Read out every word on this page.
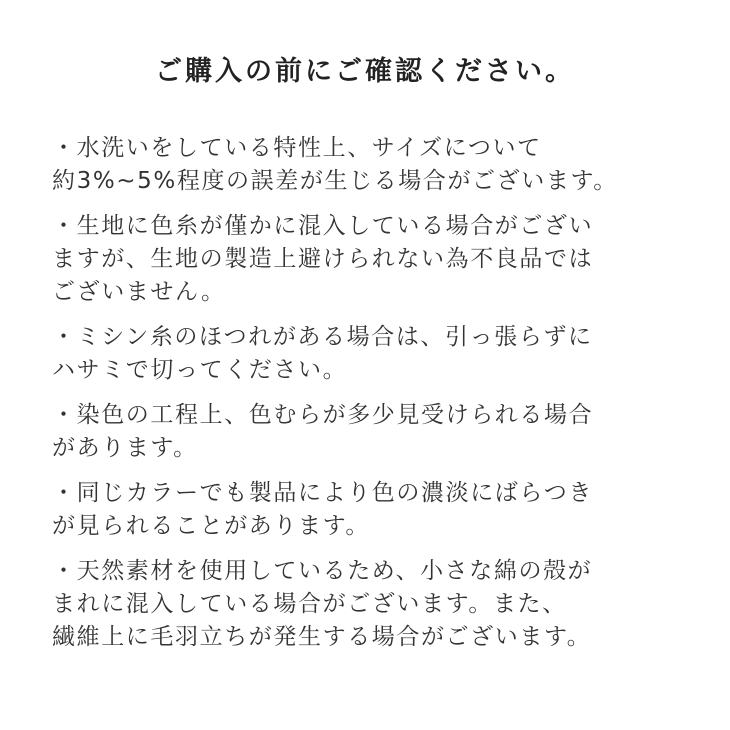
ご購入の前にご確認ください。
・水洗いをしている特性上、サイズについて
約3%~5%程度の誤差が生じる場合がございます。
・生地に色糸が僅かに混入している場合がござい
ますが、生地の製造上避けられない為不良品では
ございません。
・ミシン糸のほつれがある場合は、引っ張らずに
ハサミで切ってください。
・染色の工程上、色むらが多少見受けられる場合
があります。
・同じカラーでも製品により色の濃淡にばらつき
が見られることがあります。
・天然素材を使用しているため、小さな綿の殻が
まれに混入している場合がございます。また、
繊維上に毛羽立ちが発生する場合がございます。
